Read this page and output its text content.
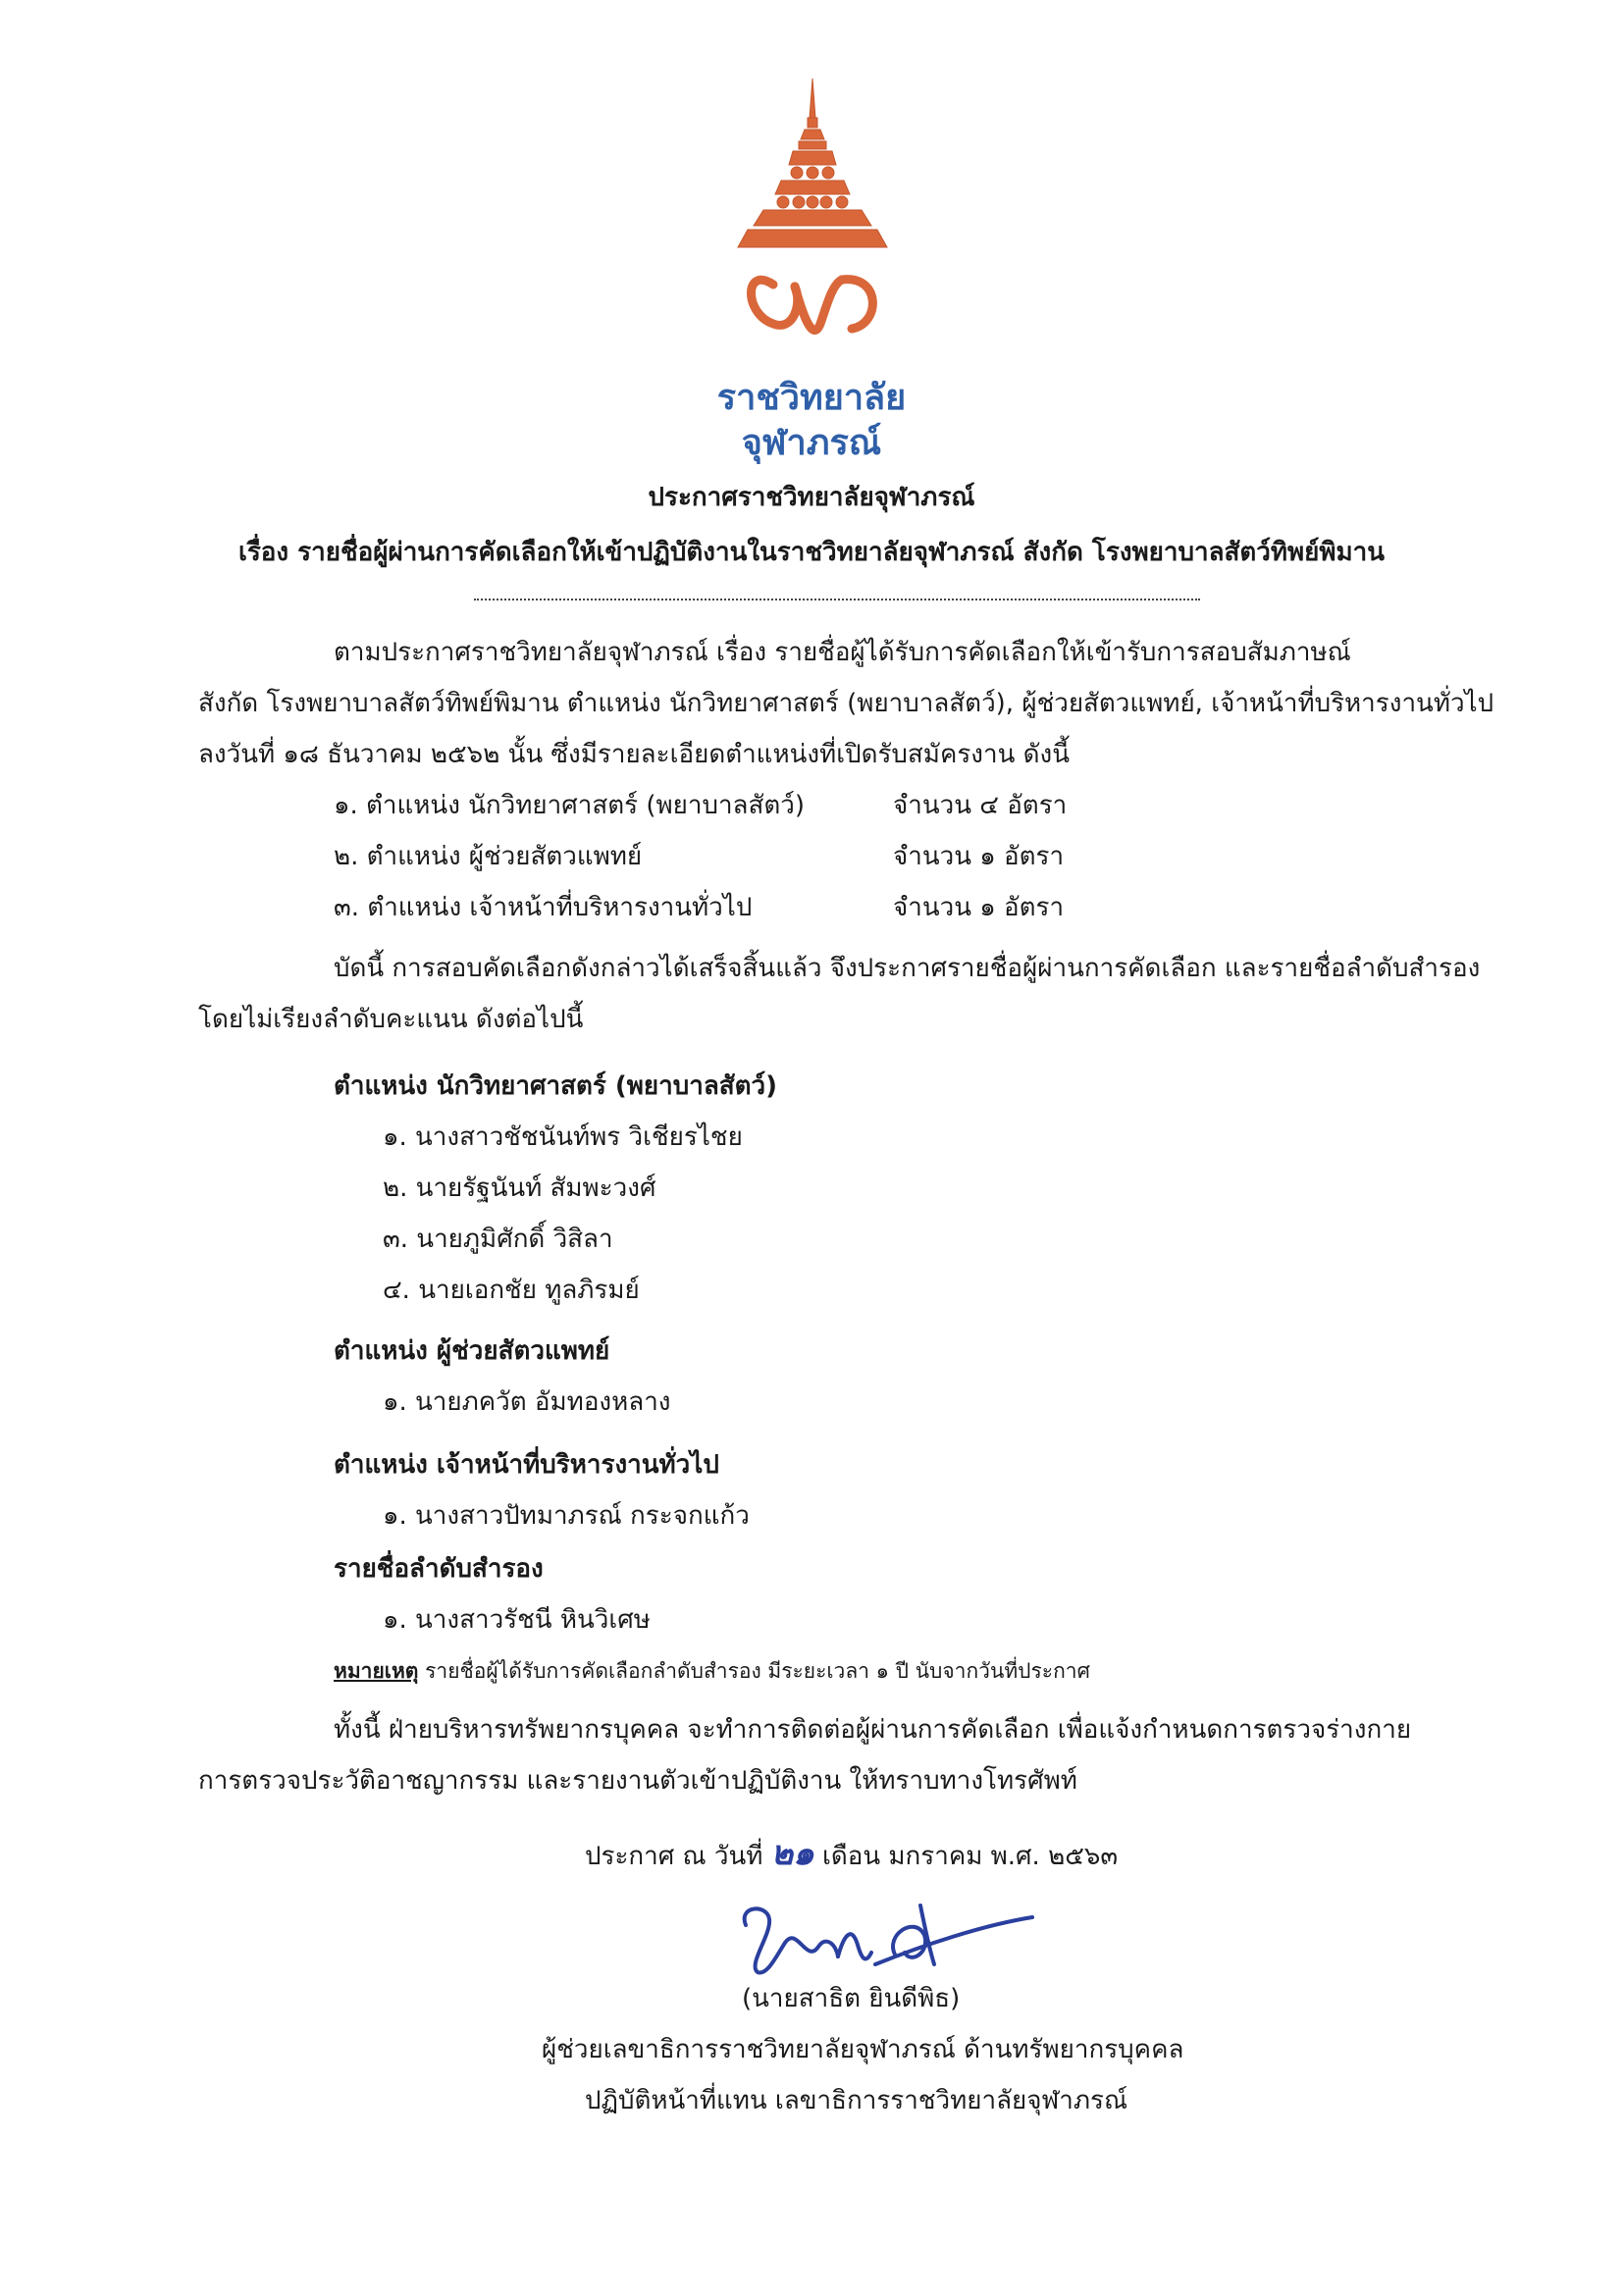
ราชวิทยาลัย
จุฬาภรณ์
ประกาศราชวิทยาลัยจุฬาภรณ์
เรื่อง รายชื่อผู้ผ่านการคัดเลือกให้เข้าปฏิบัติงานในราชวิทยาลัยจุฬาภรณ์ สังกัด โรงพยาบาลสัตว์ทิพย์พิมาน
ตามประกาศราชวิทยาลัยจุฬาภรณ์ เรื่อง รายชื่อผู้ได้รับการคัดเลือกให้เข้ารับการสอบสัมภาษณ์
สังกัด โรงพยาบาลสัตว์ทิพย์พิมาน ตำแหน่ง นักวิทยาศาสตร์ (พยาบาลสัตว์), ผู้ช่วยสัตวแพทย์, เจ้าหน้าที่บริหารงานทั่วไป
ลงวันที่ ๑๘ ธันวาคม ๒๕๖๒ นั้น ซึ่งมีรายละเอียดตำแหน่งที่เปิดรับสมัครงาน ดังนี้
๑. ตำแหน่ง นักวิทยาศาสตร์ (พยาบาลสัตว์)	จำนวน ๔ อัตรา
๒. ตำแหน่ง ผู้ช่วยสัตวแพทย์	จำนวน ๑ อัตรา
๓. ตำแหน่ง เจ้าหน้าที่บริหารงานทั่วไป	จำนวน ๑ อัตรา
บัดนี้ การสอบคัดเลือกดังกล่าวได้เสร็จสิ้นแล้ว จึงประกาศรายชื่อผู้ผ่านการคัดเลือก และรายชื่อลำดับสำรอง
โดยไม่เรียงลำดับคะแนน ดังต่อไปนี้
ตำแหน่ง นักวิทยาศาสตร์ (พยาบาลสัตว์)
๑. นางสาวชัชนันท์พร วิเชียรไชย
๒. นายรัฐนันท์ สัมพะวงศ์
๓. นายภูมิศักดิ์ วิสิลา
๔. นายเอกชัย ทูลภิรมย์
ตำแหน่ง ผู้ช่วยสัตวแพทย์
๑. นายภควัต อัมทองหลาง
ตำแหน่ง เจ้าหน้าที่บริหารงานทั่วไป
๑. นางสาวปัทมาภรณ์ กระจกแก้ว
รายชื่อลำดับสำรอง
๑. นางสาวรัชนี หินวิเศษ
หมายเหตุ รายชื่อผู้ได้รับการคัดเลือกลำดับสำรอง มีระยะเวลา ๑ ปี นับจากวันที่ประกาศ
ทั้งนี้ ฝ่ายบริหารทรัพยากรบุคคล จะทำการติดต่อผู้ผ่านการคัดเลือก เพื่อแจ้งกำหนดการตรวจร่างกาย
การตรวจประวัติอาชญากรรม และรายงานตัวเข้าปฏิบัติงาน ให้ทราบทางโทรศัพท์
ประกาศ ณ วันที่ ๒๑ เดือน มกราคม พ.ศ. ๒๕๖๓
(นายสาธิต ยินดีพิธ)
ผู้ช่วยเลขาธิการราชวิทยาลัยจุฬาภรณ์ ด้านทรัพยากรบุคคล
ปฏิบัติหน้าที่แทน เลขาธิการราชวิทยาลัยจุฬาภรณ์
